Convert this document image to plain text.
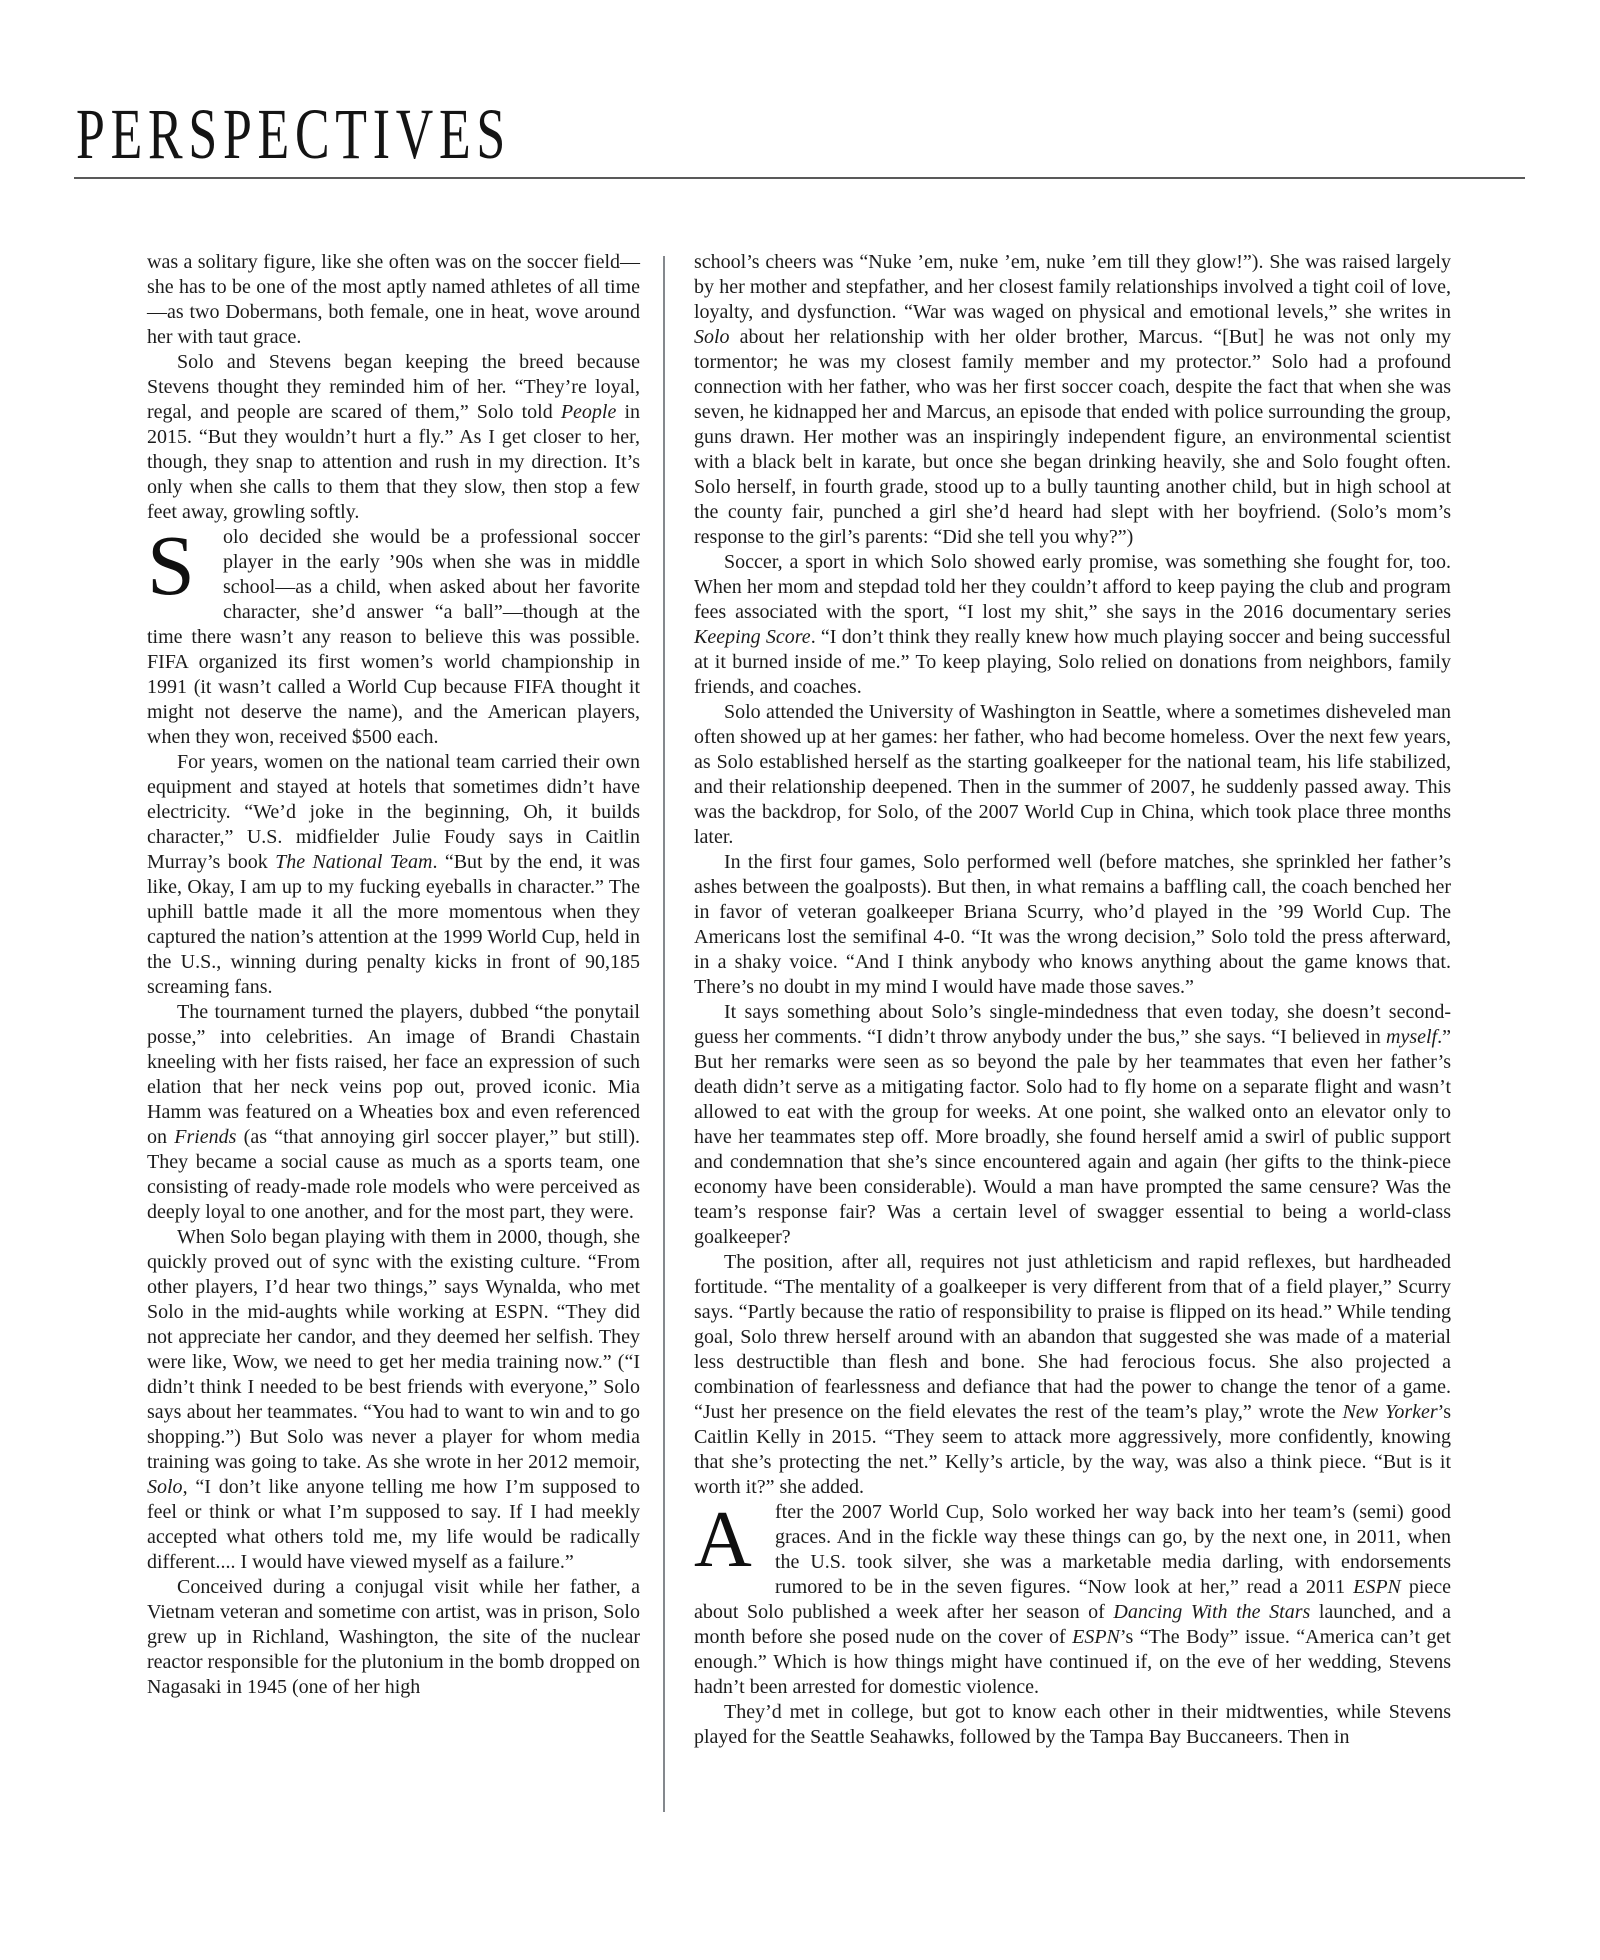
PERSPECTIVES

was a solitary figure, like she often was on the soccer field—she has to be one of the most aptly named athletes of all time—as two Dobermans, both female, one in heat, wove around her with taut grace.

Solo and Stevens began keeping the breed because Stevens thought they reminded him of her. “They’re loyal, regal, and people are scared of them,” Solo told People in 2015. “But they wouldn’t hurt a fly.” As I get closer to her, though, they snap to attention and rush in my direction. It’s only when she calls to them that they slow, then stop a few feet away, growling softly.

S	olo decided she would be a professional soccer player in the early ’90s when she was in middle school—as a child, when asked about her favorite character, she’d answer “a ball”—though at the time there wasn’t any reason to believe this was possible. FIFA organized its first women’s world championship in 1991 (it wasn’t called a World Cup because FIFA thought it might not deserve the name), and the American players, when they won, received $500 each.

For years, women on the national team carried their own equipment and stayed at hotels that sometimes didn’t have electricity. “We’d joke in the beginning, Oh, it builds character,” U.S. midfielder Julie Foudy says in Caitlin Murray’s book The National Team. “But by the end, it was like, Okay, I am up to my fucking eyeballs in character.” The uphill battle made it all the more momentous when they captured the nation’s attention at the 1999 World Cup, held in the U.S., winning during penalty kicks in front of 90,185 screaming fans.

The tournament turned the players, dubbed “the ponytail posse,” into celebrities. An image of Brandi Chastain kneeling with her fists raised, her face an expression of such elation that her neck veins pop out, proved iconic. Mia Hamm was featured on a Wheaties box and even referenced on Friends (as “that annoying girl soccer player,” but still). They became a social cause as much as a sports team, one consisting of ready-made role models who were perceived as deeply loyal to one another, and for the most part, they were.

When Solo began playing with them in 2000, though, she quickly proved out of sync with the existing culture. “From other players, I’d hear two things,” says Wynalda, who met Solo in the mid-aughts while working at ESPN. “They did not appreciate her candor, and they deemed her selfish. They were like, Wow, we need to get her media training now.” (“I didn’t think I needed to be best friends with everyone,” Solo says about her teammates. “You had to want to win and to go shopping.”) But Solo was never a player for whom media training was going to take. As she wrote in her 2012 memoir, Solo, “I don’t like anyone telling me how I’m supposed to feel or think or what I’m supposed to say. If I had meekly accepted what others told me, my life would be radically different.... I would have viewed myself as a failure.”

Conceived during a conjugal visit while her father, a Vietnam veteran and sometime con artist, was in prison, Solo grew up in Richland, Washington, the site of the nuclear reactor responsible for the plutonium in the bomb dropped on Nagasaki in 1945 (one of her high

school’s cheers was “Nuke ’em, nuke ’em, nuke ’em till they glow!”). She was raised largely by her mother and stepfather, and her closest family relationships involved a tight coil of love, loyalty, and dysfunction. “War was waged on physical and emotional levels,” she writes in Solo about her relationship with her older brother, Marcus. “[But] he was not only my tormentor; he was my closest family member and my protector.” Solo had a profound connection with her father, who was her first soccer coach, despite the fact that when she was seven, he kidnapped her and Marcus, an episode that ended with police surrounding the group, guns drawn. Her mother was an inspiringly independent figure, an environmental scientist with a black belt in karate, but once she began drinking heavily, she and Solo fought often. Solo herself, in fourth grade, stood up to a bully taunting another child, but in high school at the county fair, punched a girl she’d heard had slept with her boyfriend. (Solo’s mom’s response to the girl’s parents: “Did she tell you why?”)

Soccer, a sport in which Solo showed early promise, was something she fought for, too. When her mom and stepdad told her they couldn’t afford to keep paying the club and program fees associated with the sport, “I lost my shit,” she says in the 2016 documentary series Keeping Score. “I don’t think they really knew how much playing soccer and being successful at it burned inside of me.” To keep playing, Solo relied on donations from neighbors, family friends, and coaches.

Solo attended the University of Washington in Seattle, where a sometimes disheveled man often showed up at her games: her father, who had become homeless. Over the next few years, as Solo established herself as the starting goalkeeper for the national team, his life stabilized, and their relationship deepened. Then in the summer of 2007, he suddenly passed away. This was the backdrop, for Solo, of the 2007 World Cup in China, which took place three months later.

In the first four games, Solo performed well (before matches, she sprinkled her father’s ashes between the goalposts). But then, in what remains a baffling call, the coach benched her in favor of veteran goalkeeper Briana Scurry, who’d played in the ’99 World Cup. The Americans lost the semifinal 4-0. “It was the wrong decision,” Solo told the press afterward, in a shaky voice. “And I think anybody who knows anything about the game knows that. There’s no doubt in my mind I would have made those saves.”

It says something about Solo’s single-mindedness that even today, she doesn’t second-guess her comments. “I didn’t throw anybody under the bus,” she says. “I believed in myself.” But her remarks were seen as so beyond the pale by her teammates that even her father’s death didn’t serve as a mitigating factor. Solo had to fly home on a separate flight and wasn’t allowed to eat with the group for weeks. At one point, she walked onto an elevator only to have her teammates step off. More broadly, she found herself amid a swirl of public support and condemnation that she’s since encountered again and again (her gifts to the think-piece economy have been considerable). Would a man have prompted the same censure? Was the team’s response fair? Was a certain level of swagger essential to being a world-class goalkeeper?

The position, after all, requires not just athleticism and rapid reflexes, but hardheaded fortitude. “The mentality of a goalkeeper is very different from that of a field player,” Scurry says. “Partly because the ratio of responsibility to praise is flipped on its head.” While tending goal, Solo threw herself around with an abandon that suggested she was made of a material less destructible than flesh and bone. She had ferocious focus. She also projected a combination of fearlessness and defiance that had the power to change the tenor of a game. “Just her presence on the field elevates the rest of the team’s play,” wrote the New Yorker’s Caitlin Kelly in 2015. “They seem to attack more aggressively, more confidently, knowing that she’s protecting the net.” Kelly’s article, by the way, was also a think piece. “But is it worth it?” she added.

A	fter the 2007 World Cup, Solo worked her way back into her team’s (semi) good graces. And in the fickle way these things can go, by the next one, in 2011, when the U.S. took silver, she was a marketable media darling, with endorsements rumored to be in the seven figures. “Now look at her,” read a 2011 ESPN piece about Solo published a week after her season of Dancing With the Stars launched, and a month before she posed nude on the cover of ESPN’s “The Body” issue. “America can’t get enough.” Which is how things might have continued if, on the eve of her wedding, Stevens hadn’t been arrested for domestic violence.

They’d met in college, but got to know each other in their midtwenties, while Stevens played for the Seattle Seahawks, followed by the Tampa Bay Buccaneers. Then in
